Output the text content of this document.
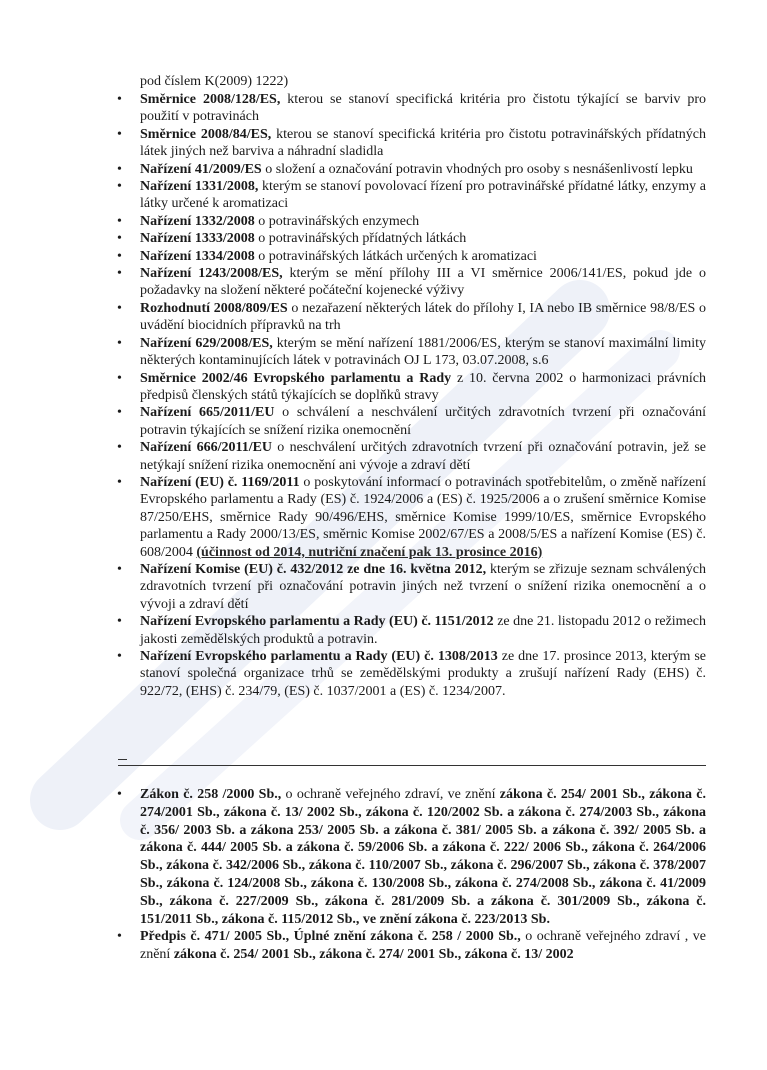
pod číslem K(2009) 1222)

• Směrnice 2008/128/ES, kterou se stanoví specifická kritéria pro čistotu týkající se barviv pro použití v potravinách
• Směrnice 2008/84/ES, kterou se stanoví specifická kritéria pro čistotu potravinářských přídatných látek jiných než barviva a náhradní sladidla
• Nařízení 41/2009/ES o složení a označování potravin vhodných pro osoby s nesnášenlivostí lepku
• Nařízení 1331/2008, kterým se stanoví povolovací řízení pro potravinářské přídatné látky, enzymy a látky určené k aromatizaci
• Nařízení 1332/2008 o potravinářských enzymech
• Nařízení 1333/2008 o potravinářských přídatných látkách
• Nařízení 1334/2008 o potravinářských látkách určených k aromatizaci
• Nařízení 1243/2008/ES, kterým se mění přílohy III a VI směrnice 2006/141/ES, pokud jde o požadavky na složení některé počáteční kojenecké výživy
• Rozhodnutí 2008/809/ES o nezařazení některých látek do přílohy I, IA nebo IB směrnice 98/8/ES o uvádění biocidních přípravků na trh
• Nařízení 629/2008/ES, kterým se mění nařízení 1881/2006/ES, kterým se stanoví maximální limity některých kontaminujících látek v potravinách OJ L 173, 03.07.2008, s.6
• Směrnice 2002/46 Evropského parlamentu a Rady z 10. června 2002 o harmonizaci právních předpisů členských států týkajících se doplňků stravy
• Nařízení 665/2011/EU o schválení a neschválení určitých zdravotních tvrzení při označování potravin týkajících se snížení rizika onemocnění
• Nařízení 666/2011/EU o neschválení určitých zdravotních tvrzení při označování potravin, jež se netýkají snížení rizika onemocnění ani vývoje a zdraví dětí
• Nařízení (EU) č. 1169/2011 o poskytování informací o potravinách spotřebitelům, o změně nařízení Evropského parlamentu a Rady (ES) č. 1924/2006 a (ES) č. 1925/2006 a o zrušení směrnice Komise 87/250/EHS, směrnice Rady 90/496/EHS, směrnice Komise 1999/10/ES, směrnice Evropského parlamentu a Rady 2000/13/ES, směrnic Komise 2002/67/ES a 2008/5/ES a nařízení Komise (ES) č. 608/2004 (účinnost od 2014, nutriční značení pak 13. prosince 2016)
• Nařízení Komise (EU) č. 432/2012 ze dne 16. května 2012, kterým se zřizuje seznam schválených zdravotních tvrzení při označování potravin jiných než tvrzení o snížení rizika onemocnění a o vývoji a zdraví dětí
• Nařízení Evropského parlamentu a Rady (EU) č. 1151/2012 ze dne 21. listopadu 2012 o režimech jakosti zemědělských produktů a potravin.
• Nařízení Evropského parlamentu a Rady (EU) č. 1308/2013 ze dne 17. prosince 2013, kterým se stanoví společná organizace trhů se zemědělskými produkty a zrušují nařízení Rady (EHS) č. 922/72, (EHS) č. 234/79, (ES) č. 1037/2001 a (ES) č. 1234/2007.
• Zákon č. 258 /2000 Sb., o ochraně veřejného zdraví, ve znění zákona č. 254/ 2001 Sb., zákona č. 274/2001 Sb., zákona č. 13/ 2002 Sb., zákona č. 120/2002 Sb. a zákona č. 274/2003 Sb., zákona č. 356/ 2003 Sb. a zákona 253/ 2005 Sb. a zákona č. 381/ 2005 Sb. a zákona č. 392/ 2005 Sb. a zákona č. 444/ 2005 Sb. a zákona č. 59/2006 Sb. a zákona č. 222/ 2006 Sb., zákona č. 264/2006 Sb., zákona č. 342/2006 Sb., zákona č. 110/2007 Sb., zákona č. 296/2007 Sb., zákona č. 378/2007 Sb., zákona č. 124/2008 Sb., zákona č. 130/2008 Sb., zákona č. 274/2008 Sb., zákona č. 41/2009 Sb., zákona č. 227/2009 Sb., zákona č. 281/2009 Sb. a zákona č. 301/2009 Sb., zákona č. 151/2011 Sb., zákona č. 115/2012 Sb., ve znění zákona č. 223/2013 Sb.
• Předpis č. 471/ 2005 Sb., Úplné znění zákona č. 258 / 2000 Sb., o ochraně veřejného zdraví , ve znění zákona č. 254/ 2001 Sb., zákona č. 274/ 2001 Sb., zákona č. 13/ 2002
